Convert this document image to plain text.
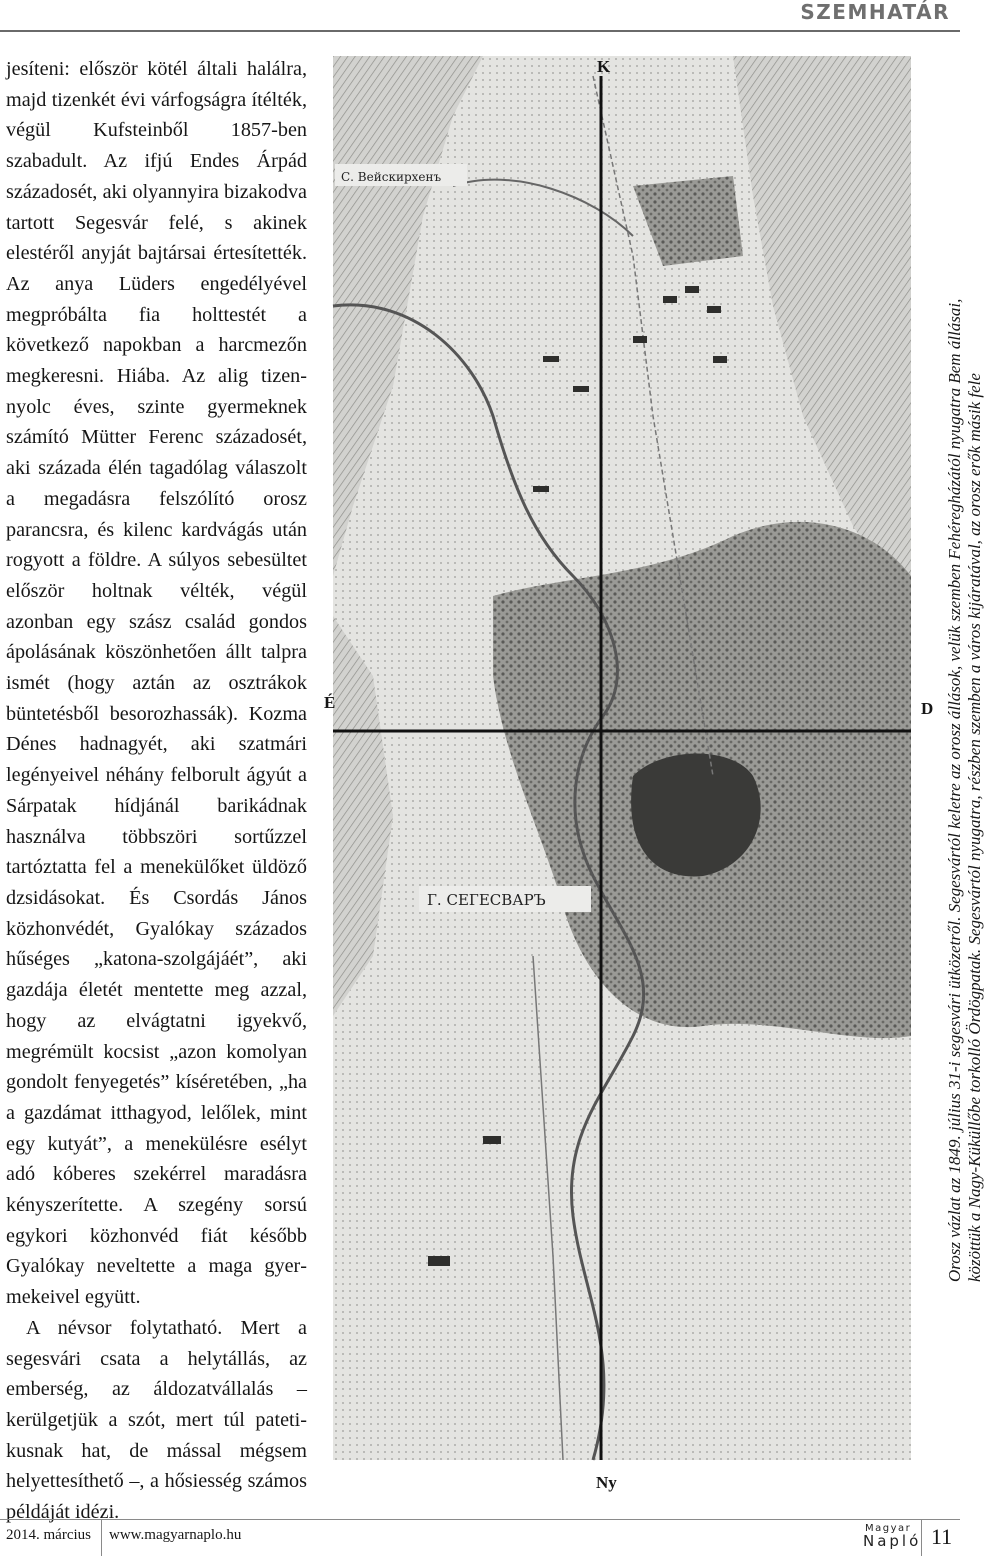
SZEMHATÁR

jesíteni: először kötél általi halálra, majd tizenkét évi várfogságra ítélték, végül Kufsteinből 1857-ben szabadult. Az ifjú Endes Árpád századosét, aki olyannyira bizakodva tartott Segesvár felé, s akinek elestéről anyját bajtársai értesítették. Az anya Lüders engedélyével megpróbálta fia holttestét a következő napokban a harcmezőn megkeresni. Hiába. Az alig tizennyolc éves, szinte gyermeknek számító Mütter Ferenc századosét, aki százada élén tagadólag válaszolt a megadásra felszólító orosz parancsra, és kilenc kardvágás után rogyott a földre. A súlyos sebesültet először holtnak vélték, végül azonban egy szász család gondos ápolásának köszönhetően állt talpra ismét (hogy aztán az osztrákok büntetésből besorozhassák). Kozma Dénes hadnagyét, aki szatmári legényeivel néhány felborult ágyút a Sárpatak hídjánál barikádnak használva többszöri sortűzzel tartóztatta fel a menekülőket üldöző dzsidásokat. És Csordás János közhonvédét, Gyalókay százados hűséges „katona-szolgájáét”, aki gazdája életét mentette meg azzal, hogy az elvágtatni igyekvő, megrémült kocsist „azon komolyan gondolt fenyegetés” kíséretében, „ha a gazdámat itthagyod, lelőlek, mint egy kutyát”, a menekülésre esélyt adó kóberes szekérrel maradásra kényszerítette. A szegény sorsú egykori közhonvéd fiát később Gyalókay neveltette a maga gyermekeivel együtt.

A névsor folytatható. Mert a segesvári csata a helytállás, az emberség, az áldozatvállalás – kerülgetjük a szót, mert túl patetikusnak hat, de mással mégsem helyettesíthető –, a hősiesség számos példáját idézi.

С. Вейскирхенъ
Г. СЕГЕСВАРЪ
K
Ny
É	D Orosz vázlat az 1849. július 31-i segesvári ütközetről. Segesvártól keletre az orosz állások, velük szemben Fehéregházától nyugatra Bem állásai, közöttük a Nagy-Küküllőbe torkolló Ördögpatak. Segesvártól nyugatra, részben szemben a város kijáratával, az orosz erők másik fele
2014. március www.magyarnaplo.hu	Magyar
Napló 11
